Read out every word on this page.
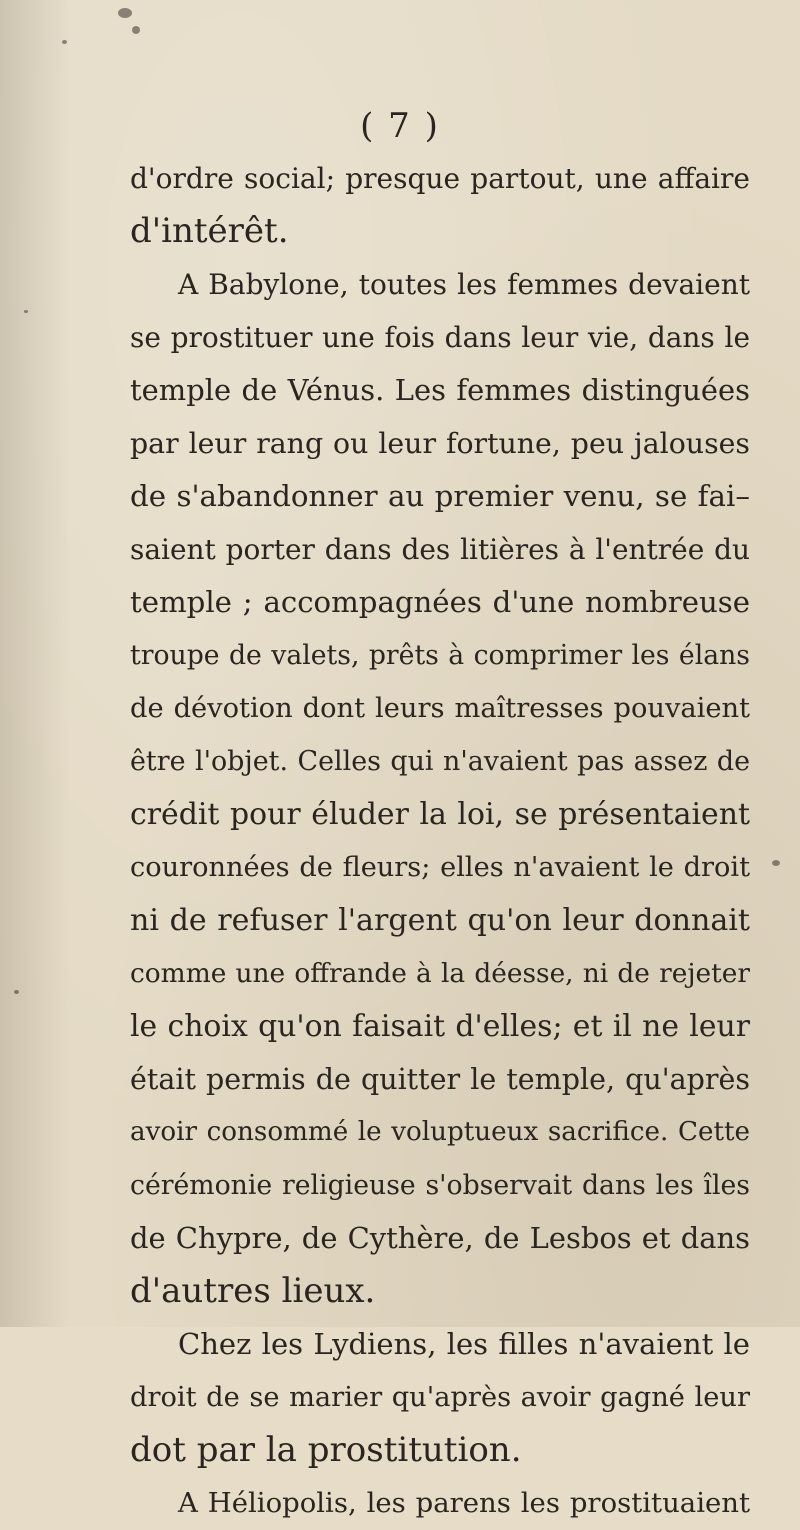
( 7 )
d'ordre social; presque partout, une affaire
d'intérêt.
A Babylone, toutes les femmes devaient
se prostituer une fois dans leur vie, dans le
temple de Vénus. Les femmes distinguées
par leur rang ou leur fortune, peu jalouses
de s'abandonner au premier venu, se fai–
saient porter dans des litières à l'entrée du
temple ; accompagnées d'une nombreuse
troupe de valets, prêts à comprimer les élans
de dévotion dont leurs maîtresses pouvaient
être l'objet. Celles qui n'avaient pas assez de
crédit pour éluder la loi, se présentaient
couronnées de fleurs; elles n'avaient le droit
ni de refuser l'argent qu'on leur donnait
comme une offrande à la déesse, ni de rejeter
le choix qu'on faisait d'elles; et il ne leur
était permis de quitter le temple, qu'après
avoir consommé le voluptueux sacrifice. Cette
cérémonie religieuse s'observait dans les îles
de Chypre, de Cythère, de Lesbos et dans
d'autres lieux.
Chez les Lydiens, les filles n'avaient le
droit de se marier qu'après avoir gagné leur
dot par la prostitution.
A Héliopolis, les parens les prostituaient
